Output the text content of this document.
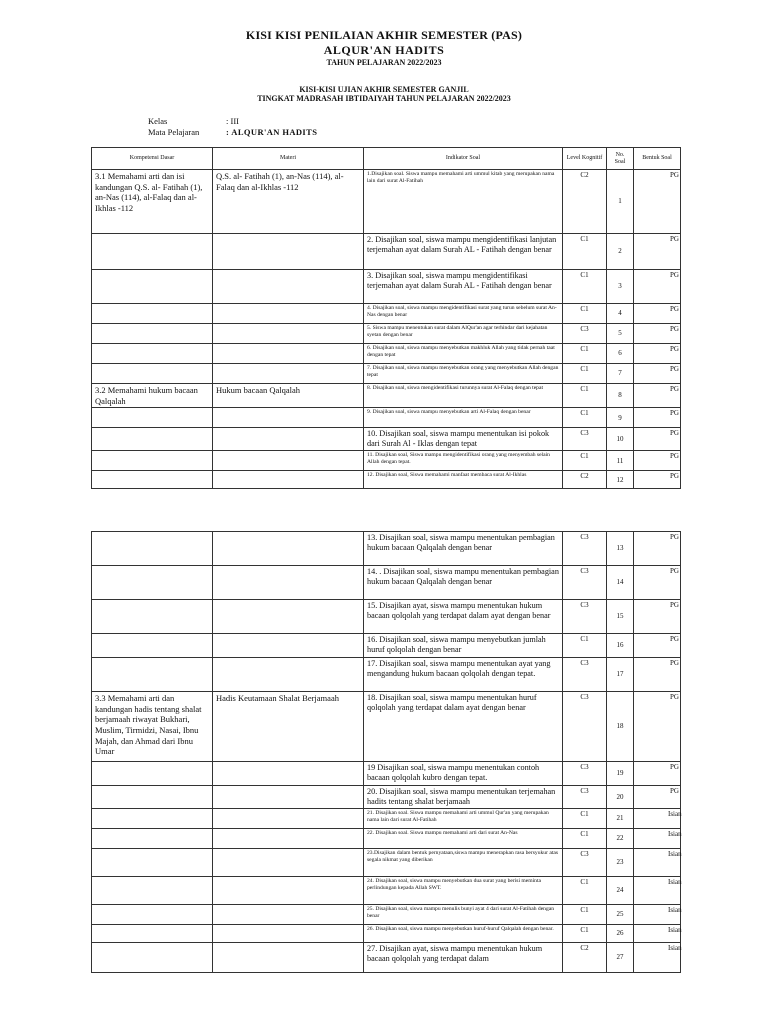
KISI KISI PENILAIAN AKHIR SEMESTER (PAS)
ALQUR'AN HADITS
TAHUN PELAJARAN 2022/2023
KISI-KISI UJIAN AKHIR SEMESTER GANJIL
TINGKAT MADRASAH IBTIDAIYAH TAHUN PELAJARAN 2022/2023
Kelas	: III
Mata Pelajaran	: ALQUR'AN HADITS
Kompetensi Dasar	Materi	Indikator Soal	Level Kognitif	No. Soal	Bentuk Soal
3.1 Memahami arti dan isi kandungan Q.S. al- Fatihah (1), an-Nas (114), al-Falaq dan al-Ikhlas -112	Q.S. al- Fatihah (1), an-Nas (114), al-Falaq dan al-Ikhlas -112	1.Disajikan soal. Siswa mampu memahami arti ummul kitab yang merupakan nama lain dari surat Al-Fatihah	C2	1	PG
		2. Disajikan soal, siswa mampu mengidentifikasi lanjutan terjemahan ayat dalam Surah AL - Fatihah dengan benar	C1	2	PG
		3. Disajikan soal, siswa mampu mengidentifikasi terjemahan ayat dalam Surah AL - Fatihah dengan benar	C1	3	PG
		4. Disajikan soal, siswa mampu mengidentifikasi surat yang turun sebelum surat An-Nas dengan benar	C1	4	PG
		5. Siswa mampu menentukan surat dalam AlQur'an agar terhindar dari kejahatan syetan dengan benar	C3	5	PG
		6. Disajikan soal, siswa mampu menyebutkan makhluk Allah yang tidak pernah taat dengan tepat	C1	6	PG
		7. Disajikan soal, siswa mampu menyebutkan orang yang menyebutkan Allah dengan tepat	C1	7	PG
3.2 Memahami hukum bacaan Qalqalah	Hukum bacaan Qalqalah	8. Disajikan soal, siswa mengidentifikasi turunnya surat Al-Falaq dengan tepat	C1	8	PG
		9. Disajikan soal, siswa mampu menyebutkan arti Al-Falaq dengan benar	C1	9	PG
		10. Disajikan soal, siswa mampu menentukan isi pokok dari Surah Al - Iklas dengan tepat	C3	10	PG
		11. Disajikan soal, Siswa mampu mengidentifikasi orang yang menyembah selain Allah dengan tepat.	C1	11	PG
		12. Disajikan soal, Siswa memahami manfaat membaca surat Al-Ikhlas	C2	12	PG
		13. Disajikan soal, siswa mampu menentukan pembagian hukum bacaan Qalqalah dengan benar	C3	13	PG
		14. . Disajikan soal, siswa mampu menentukan pembagian hukum bacaan Qalqalah dengan benar	C3	14	PG
		15. Disajikan ayat, siswa mampu menentukan hukum bacaan qolqolah yang terdapat dalam ayat dengan benar	C3	15	PG
		16. Disajikan soal, siswa mampu menyebutkan jumlah huruf qolqolah dengan benar	C1	16	PG
		17. Disajikan soal, siswa mampu menentukan ayat yang mengandung hukum bacaan qolqolah dengan tepat.	C3	17	PG
3.3 Memahami arti dan kandungan hadis tentang shalat berjamaah riwayat Bukhari, Muslim, Tirmidzi, Nasai, Ibnu Majah, dan Ahmad dari Ibnu Umar	Hadis Keutamaan Shalat Berjamaah	18. Disajikan soal, siswa mampu menentukan huruf qolqolah yang terdapat dalam ayat dengan benar	C3	18	PG
		19 Disajikan soal, siswa mampu menentukan contoh bacaan qolqolah kubro dengan tepat.	C3	19	PG
		20. Disajikan soal, siswa mampu menentukan terjemahan hadits tentang shalat berjamaah	C3	20	PG
		21. Disajikan soal. Siswa mampu memahami arti ummul Qur'an yang merupakan nama lain dari surat Al-Fatihah	C1	21	Isian
		22. Disajikan soal. Siswa mampu memahami arti dari surat An-Nas	C1	22	Isian
		23.Disajikan dalam bentuk pernyataan,siswa mampu menerapkan rasa bersyukur atas segala nikmat yang diberikan	C3	23	Isian
		24. Disajikan soal, siswa mampu menyebutkan dua surat yang berisi meminta perlindungan kepada Allah SWT.	C1	24	Isian
		25. Disajikan soal, siswa mampu menulis bunyi ayat 4 dari surat Al-Fatihah dengan benar	C1	25	Isian
		26. Disajikan soal, siswa mampu menyebutkan huruf-huruf Qalqalah dengan benar.	C1	26	Isian
		27. Disajikan ayat, siswa mampu menentukan hukum bacaan qolqolah yang terdapat dalam	C2	27	Isian
